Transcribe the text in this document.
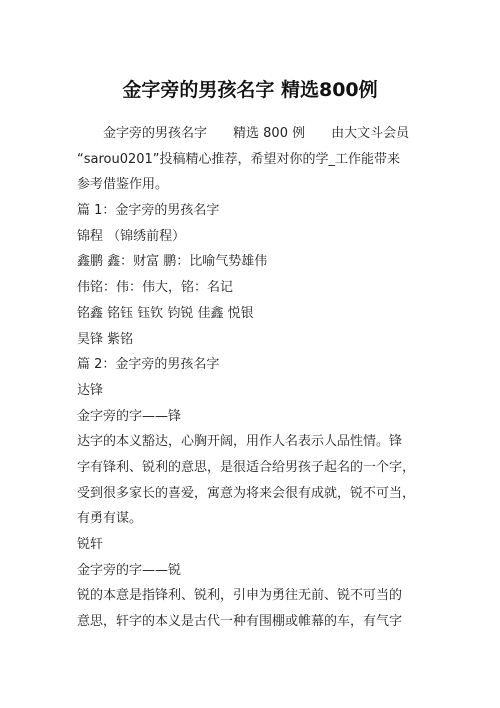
金字旁的男孩名字 精选800例
金字旁的男孩名字 精选 800 例 由大文斗会员
“sarou0201”投稿精心推荐，希望对你的学_工作能带来
参考借鉴作用。
篇 1：金字旁的男孩名字
锦程 （锦绣前程）
鑫鹏 鑫：财富 鹏：比喻气势雄伟
伟铭：伟：伟大，铭：名记
铭鑫 铭钰 钰钦 钧锐 佳鑫 悦银
昊锋 紫铭
篇 2：金字旁的男孩名字
达锋
金字旁的字——锋
达字的本义豁达，心胸开阔，用作人名表示人品性情。锋
字有锋利、锐利的意思，是很适合给男孩子起名的一个字，
受到很多家长的喜爱，寓意为将来会很有成就，锐不可当，
有勇有谋。
锐轩
金字旁的字——锐
锐的本意是指锋利、锐利，引申为勇往无前、锐不可当的
意思，轩字的本义是古代一种有围棚或帷幕的车，有气字
